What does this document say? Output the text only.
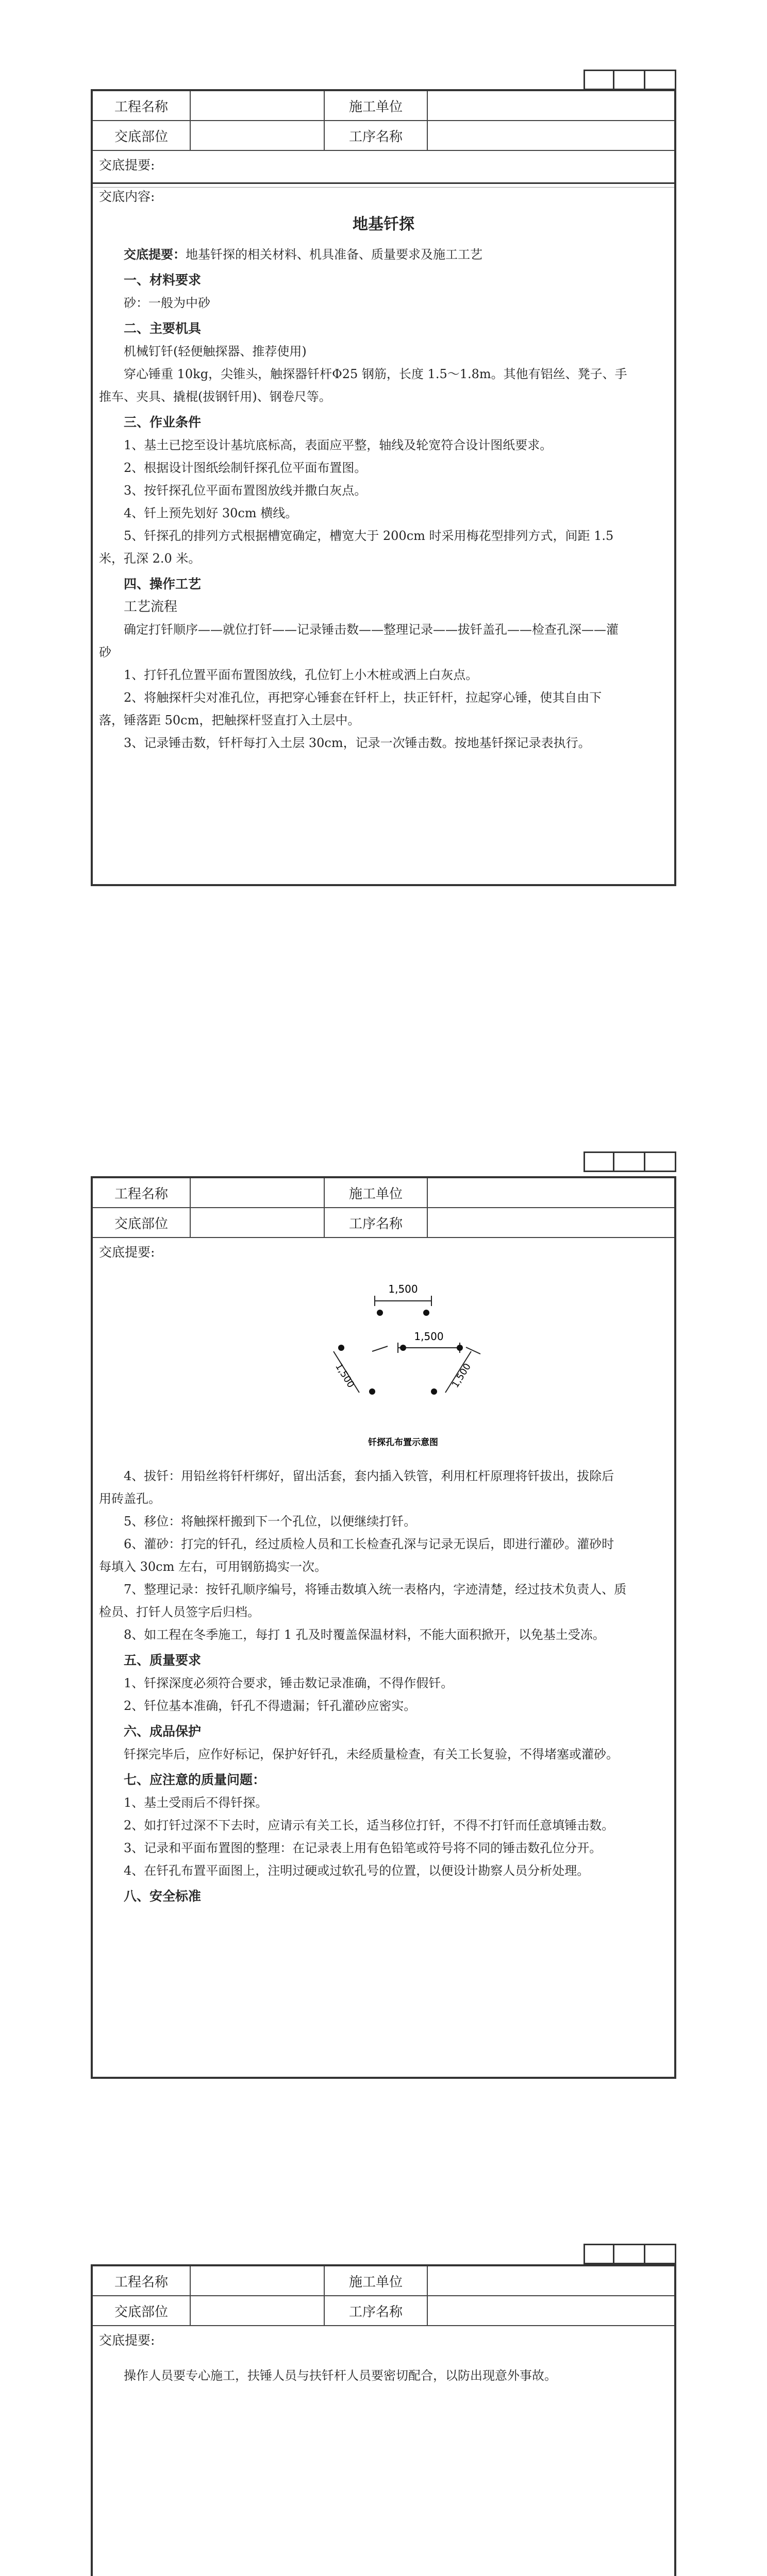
工程名称	施工单位
交底部位	工序名称
交底提要:
交底内容:
地基钎探

交底提要：地基钎探的相关材料、机具准备、质量要求及施工工艺

一、材料要求

砂：一般为中砂

二、主要机具

机械钉钎(轻便触探器、推荐使用)

穿心锤重 10kg，尖锥头，触探器钎杆Φ25 钢筋，长度 1.5～1.8m。其他有铝丝、凳子、手

推车、夹具、撬棍(拔钢钎用)、钢卷尺等。

三、作业条件

1、基土已挖至设计基坑底标高，表面应平整，轴线及轮宽符合设计图纸要求。

2、根据设计图纸绘制钎探孔位平面布置图。

3、按钎探孔位平面布置图放线并撒白灰点。

4、钎上预先划好 30cm 横线。

5、钎探孔的排列方式根据槽宽确定，槽宽大于 200cm 时采用梅花型排列方式，间距 1.5

米，孔深 2.0 米。

四、操作工艺

工艺流程

确定打钎顺序——就位打钎——记录锤击数——整理记录——拔钎盖孔——检查孔深——灌

砂

1、打钎孔位置平面布置图放线，孔位钉上小木桩或洒上白灰点。

2、将触探杆尖对准孔位，再把穿心锤套在钎杆上，扶正钎杆，拉起穿心锤，使其自由下

落，锤落距 50cm，把触探杆竖直打入土层中。

3、记录锤击数，钎杆每打入土层 30cm，记录一次锤击数。按地基钎探记录表执行。

工程名称	施工单位
交底部位	工序名称
交底提要:
1,500
1,500
1,500	1,500
钎探孔布置示意图

4、拔钎：用铅丝将钎杆绑好，留出活套，套内插入铁管，利用杠杆原理将钎拔出，拔除后

用砖盖孔。

5、移位：将触探杆搬到下一个孔位，以便继续打钎。

6、灌砂：打完的钎孔，经过质检人员和工长检查孔深与记录无误后，即进行灌砂。灌砂时

每填入 30cm 左右，可用钢筋捣实一次。

7、整理记录：按钎孔顺序编号，将锤击数填入统一表格内，字迹清楚，经过技术负责人、质

检员、打钎人员签字后归档。

8、如工程在冬季施工，每打 1 孔及时覆盖保温材料，不能大面积掀开，以免基土受冻。

五、质量要求

1、钎探深度必须符合要求，锤击数记录准确，不得作假钎。

2、钎位基本准确，钎孔不得遗漏；钎孔灌砂应密实。

六、成品保护

钎探完毕后，应作好标记，保护好钎孔，未经质量检查，有关工长复验，不得堵塞或灌砂。

七、应注意的质量问题：

1、基土受雨后不得钎探。

2、如打钎过深不下去时，应请示有关工长，适当移位打钎，不得不打钎而任意填锤击数。

3、记录和平面布置图的整理：在记录表上用有色铅笔或符号将不同的锤击数孔位分开。

4、在钎孔布置平面图上，注明过硬或过软孔号的位置，以便设计勘察人员分析处理。

八、安全标准

工程名称	施工单位
交底部位	工序名称
交底提要:

操作人员要专心施工，扶锤人员与扶钎杆人员要密切配合，以防出现意外事故。
